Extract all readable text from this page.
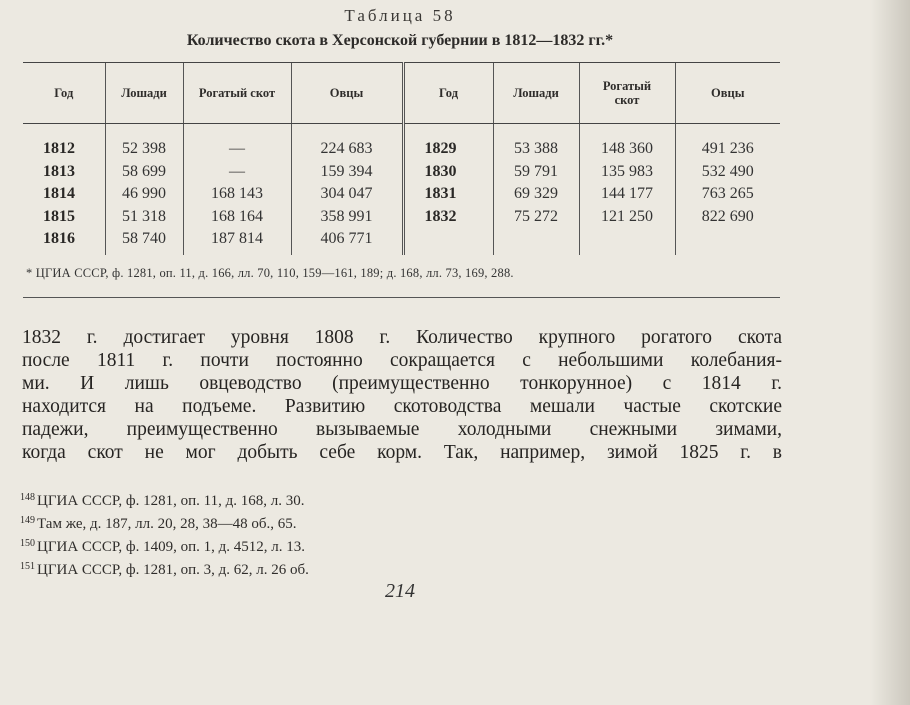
Таблица 58
Количество скота в Херсонской губернии в 1812—1832 гг.*
Год	Лошади	Рогатый скот	Овцы	Год	Лошади	Рогатый скот	Овцы
1812	52 398	—	224 683	1829	53 388	148 360	491 236
1813	58 699	—	159 394	1830	59 791	135 983	532 490
1814	46 990	168 143	304 047	1831	69 329	144 177	763 265
1815	51 318	168 164	358 991	1832	75 272	121 250	822 690
1816	58 740	187 814	406 771				
* ЦГИА СССР, ф. 1281, оп. 11, д. 166, лл. 70, 110, 159—161, 189; д. 168, лл. 73, 169, 288.
1832 г. достигает уровня 1808 г. Количество крупного рогатого скота
после 1811 г. почти постоянно сокращается с небольшими колебания-
ми. И лишь овцеводство (преимущественно тонкорунное) с 1814 г.
находится на подъеме. Развитию скотоводства мешали частые скотские
падежи, преимущественно вызываемые холодными снежными зимами,
когда скот не мог добыть себе корм. Так, например, зимой 1825 г. в
$^{148}$ ЦГИА СССР, ф. 1281, оп. 11, д. 168, л. 30.
$^{149}$ Там же, д. 187, лл. 20, 28, 38—48 об., 65.
$^{150}$ ЦГИА СССР, ф. 1409, оп. 1, д. 4512, л. 13.
$^{151}$ ЦГИА СССР, ф. 1281, оп. 3, д. 62, л. 26 об.
214
